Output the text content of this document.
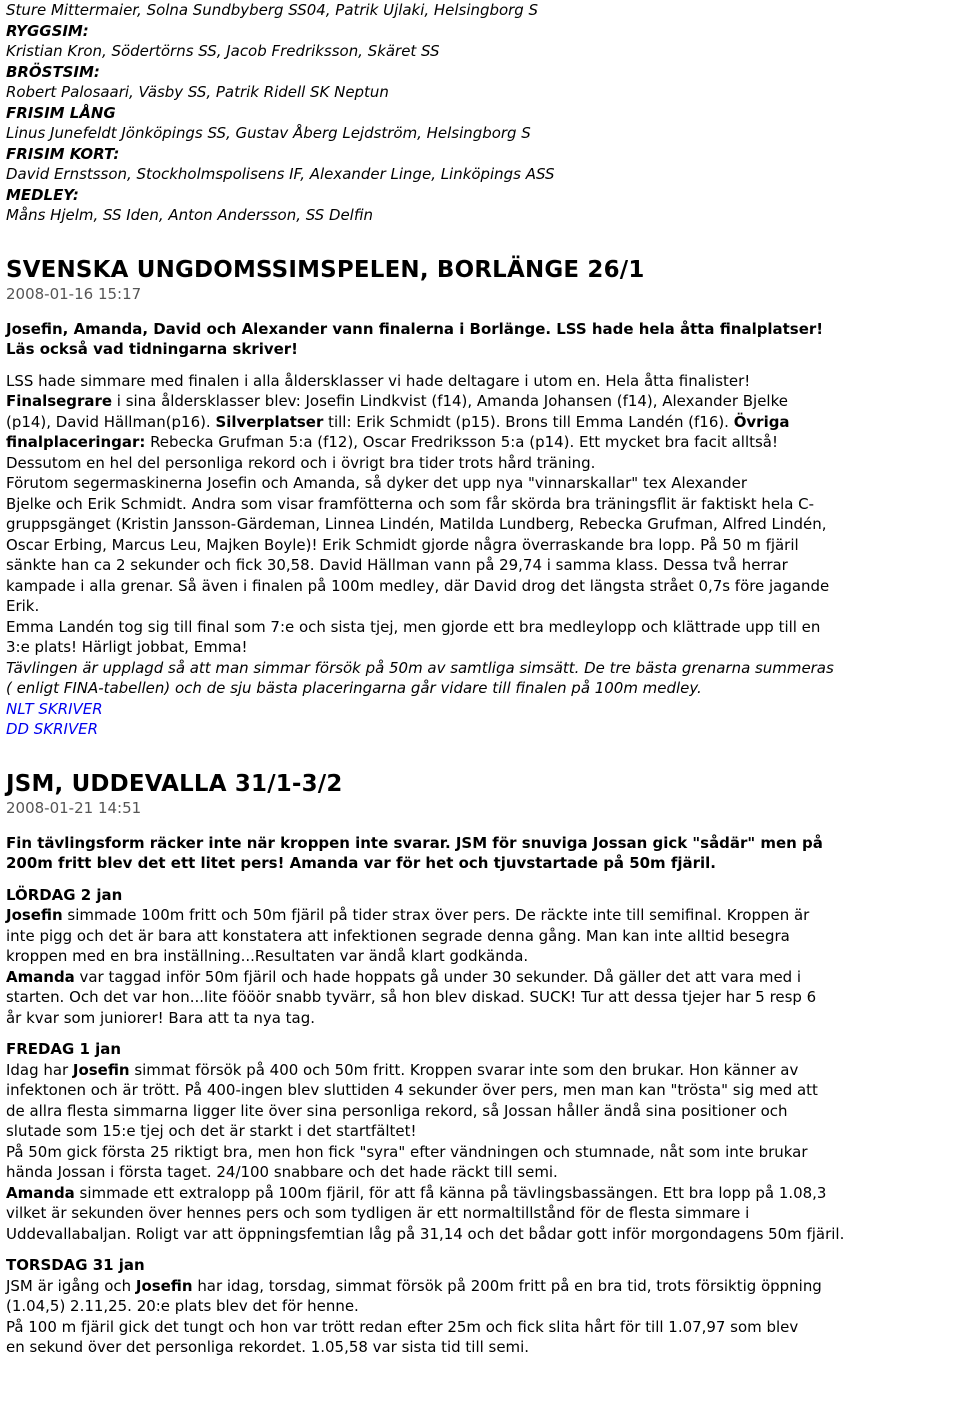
Sture Mittermaier, Solna Sundbyberg SS04, Patrik Ujlaki, Helsingborg S
RYGGSIM:
Kristian Kron, Södertörns SS, Jacob Fredriksson, Skäret SS
BRÖSTSIM:
Robert Palosaari, Väsby SS, Patrik Ridell SK Neptun
FRISIM LÅNG
Linus Junefeldt Jönköpings SS, Gustav Åberg Lejdström, Helsingborg S
FRISIM KORT:
David Ernstsson, Stockholmspolisens IF, Alexander Linge, Linköpings ASS
MEDLEY:
Måns Hjelm, SS Iden, Anton Andersson, SS Delfin
SVENSKA UNGDOMSSIMSPELEN, BORLÄNGE 26/1
2008-01-16 15:17
Josefin, Amanda, David och Alexander vann finalerna i Borlänge. LSS hade hela åtta finalplatser!
Läs också vad tidningarna skriver!
LSS hade simmare med finalen i alla åldersklasser vi hade deltagare i utom en. Hela åtta finalister!
Finalsegrare i sina åldersklasser blev: Josefin Lindkvist (f14), Amanda Johansen (f14), Alexander Bjelke
(p14), David Hällman(p16). Silverplatser till: Erik Schmidt (p15). Brons till Emma Landén (f16). Övriga
finalplaceringar: Rebecka Grufman 5:a (f12), Oscar Fredriksson 5:a (p14). Ett mycket bra facit alltså!
Dessutom en hel del personliga rekord och i övrigt bra tider trots hård träning.
Förutom segermaskinerna Josefin och Amanda, så dyker det upp nya "vinnarskallar" tex Alexander
Bjelke och Erik Schmidt. Andra som visar framfötterna och som får skörda bra träningsflit är faktiskt hela C-
gruppsgänget (Kristin Jansson-Gärdeman, Linnea Lindén, Matilda Lundberg, Rebecka Grufman, Alfred Lindén,
Oscar Erbing, Marcus Leu, Majken Boyle)! Erik Schmidt gjorde några överraskande bra lopp. På 50 m fjäril
sänkte han ca 2 sekunder och fick 30,58. David Hällman vann på 29,74 i samma klass. Dessa två herrar
kampade i alla grenar. Så även i finalen på 100m medley, där David drog det längsta strået 0,7s före jagande
Erik.
Emma Landén tog sig till final som 7:e och sista tjej, men gjorde ett bra medleylopp och klättrade upp till en
3:e plats! Härligt jobbat, Emma!
Tävlingen är upplagd så att man simmar försök på 50m av samtliga simsätt. De tre bästa grenarna summeras
( enligt FINA-tabellen) och de sju bästa placeringarna går vidare till finalen på 100m medley.
NLT SKRIVER
DD SKRIVER
JSM, UDDEVALLA 31/1-3/2
2008-01-21 14:51
Fin tävlingsform räcker inte när kroppen inte svarar. JSM för snuviga Jossan gick "sådär" men på
200m fritt blev det ett litet pers! Amanda var för het och tjuvstartade på 50m fjäril.
LÖRDAG 2 jan
Josefin simmade 100m fritt och 50m fjäril på tider strax över pers. De räckte inte till semifinal. Kroppen är
inte pigg och det är bara att konstatera att infektionen segrade denna gång. Man kan inte alltid besegra
kroppen med en bra inställning...Resultaten var ändå klart godkända.
Amanda var taggad inför 50m fjäril och hade hoppats gå under 30 sekunder. Då gäller det att vara med i
starten. Och det var hon...lite fööör snabb tyvärr, så hon blev diskad. SUCK! Tur att dessa tjejer har 5 resp 6
år kvar som juniorer! Bara att ta nya tag.
FREDAG 1 jan
Idag har Josefin simmat försök på 400 och 50m fritt. Kroppen svarar inte som den brukar. Hon känner av
infektonen och är trött. På 400-ingen blev sluttiden 4 sekunder över pers, men man kan "trösta" sig med att
de allra flesta simmarna ligger lite över sina personliga rekord, så Jossan håller ändå sina positioner och
slutade som 15:e tjej och det är starkt i det startfältet!
På 50m gick första 25 riktigt bra, men hon fick "syra" efter vändningen och stumnade, nåt som inte brukar
hända Jossan i första taget. 24/100 snabbare och det hade räckt till semi.
Amanda simmade ett extralopp på 100m fjäril, för att få känna på tävlingsbassängen. Ett bra lopp på 1.08,3
vilket är sekunden över hennes pers och som tydligen är ett normaltillstånd för de flesta simmare i
Uddevallabaljan. Roligt var att öppningsfemtian låg på 31,14 och det bådar gott inför morgondagens 50m fjäril.
TORSDAG 31 jan
JSM är igång och Josefin har idag, torsdag, simmat försök på 200m fritt på en bra tid, trots försiktig öppning
(1.04,5) 2.11,25. 20:e plats blev det för henne.
På 100 m fjäril gick det tungt och hon var trött redan efter 25m och fick slita hårt för till 1.07,97 som blev
en sekund över det personliga rekordet. 1.05,58 var sista tid till semi.
